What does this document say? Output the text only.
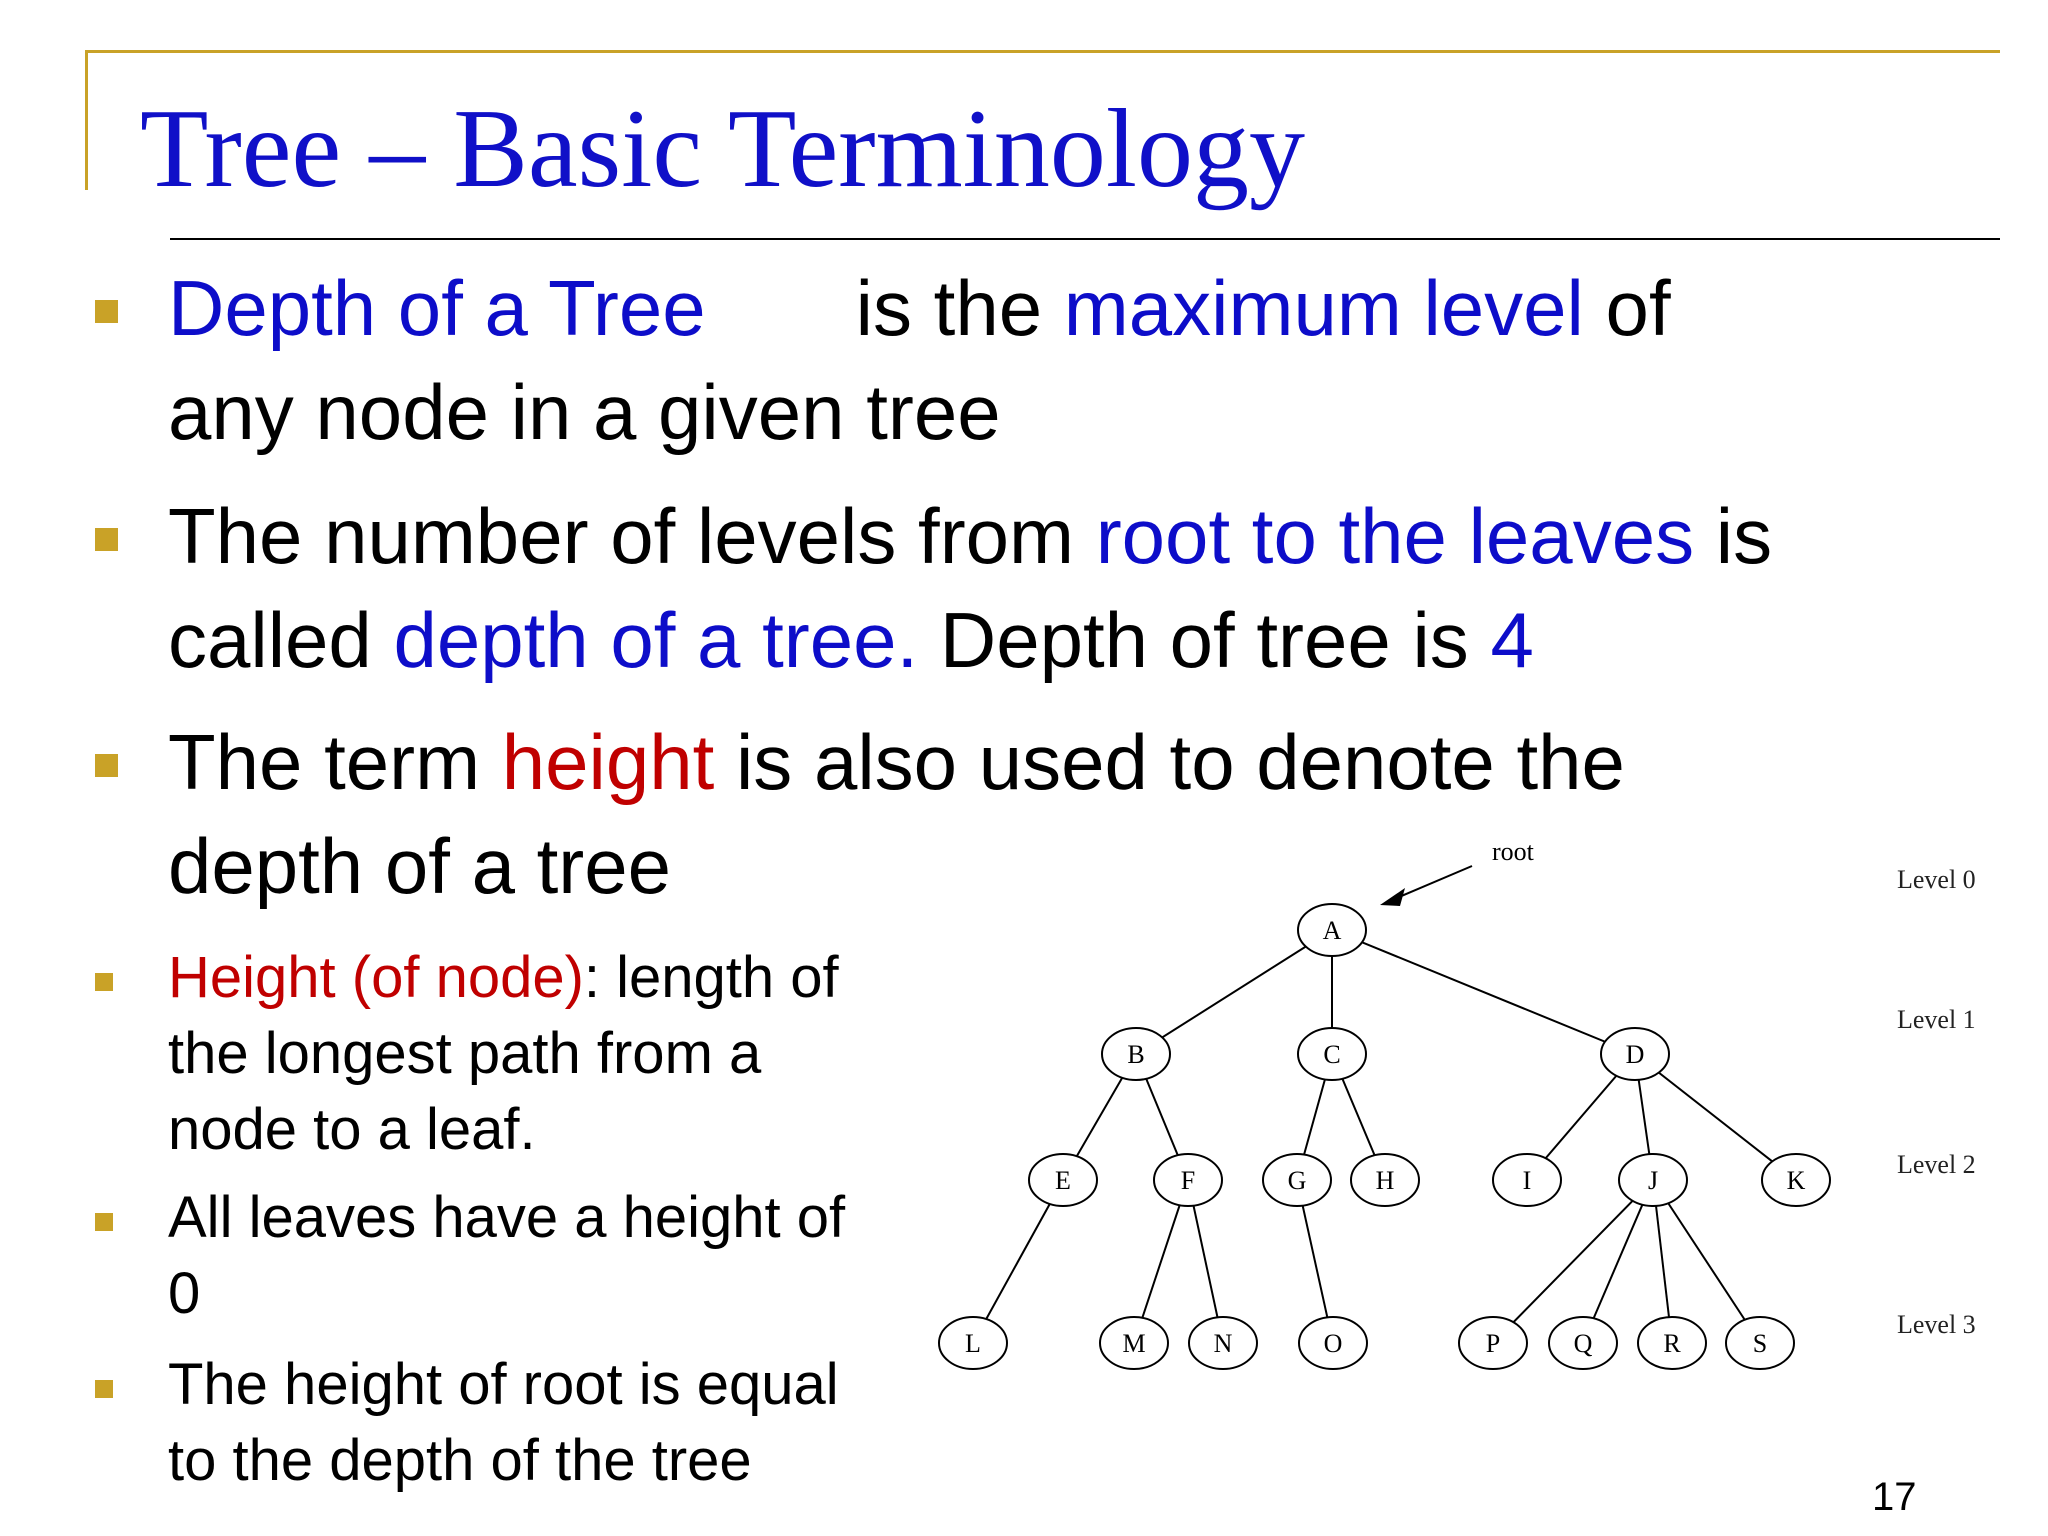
Tree – Basic Terminology

Depth of a Tree is the maximum level of
any node in a given tree

The number of levels from root to the leaves is
called depth of a tree. Depth of tree is 4

The term height is also used to denote the
depth of a tree

Height (of node): length of
the longest path from a
node to a leaf.

All leaves have a height of
0

The height of root is equal
to the depth of the tree

17
A
B	C	D
E	F	G	H	I	J	K
L	M	N	O	P	Q	R	S
Level 0
Level 1
Level 2
Level 3
root
